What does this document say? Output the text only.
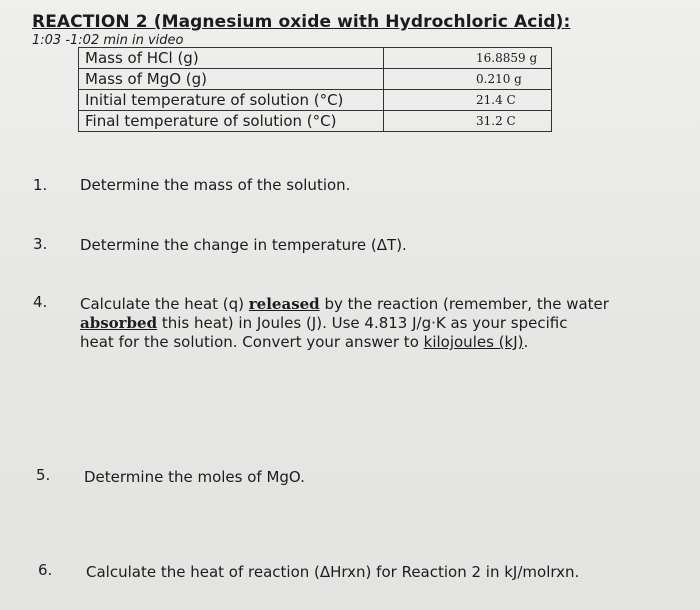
REACTION 2 (Magnesium oxide with Hydrochloric Acid):
1:03 -1:02 min in video
Mass of HCl (g)	16.8859 g
Mass of MgO (g)	0.210 g
Initial temperature of solution (°C)	21.4 C
Final temperature of solution (°C)	31.2 C
1. Determine the mass of the solution.
3. Determine the change in temperature (ΔT).
4. Calculate the heat (q) released by the reaction (remember, the water
absorbed this heat) in Joules (J). Use 4.813 J/g·K as your specific
heat for the solution. Convert your answer to kilojoules (kJ).
5. Determine the moles of MgO.
6. Calculate the heat of reaction (ΔHrxn) for Reaction 2 in kJ/molrxn.
